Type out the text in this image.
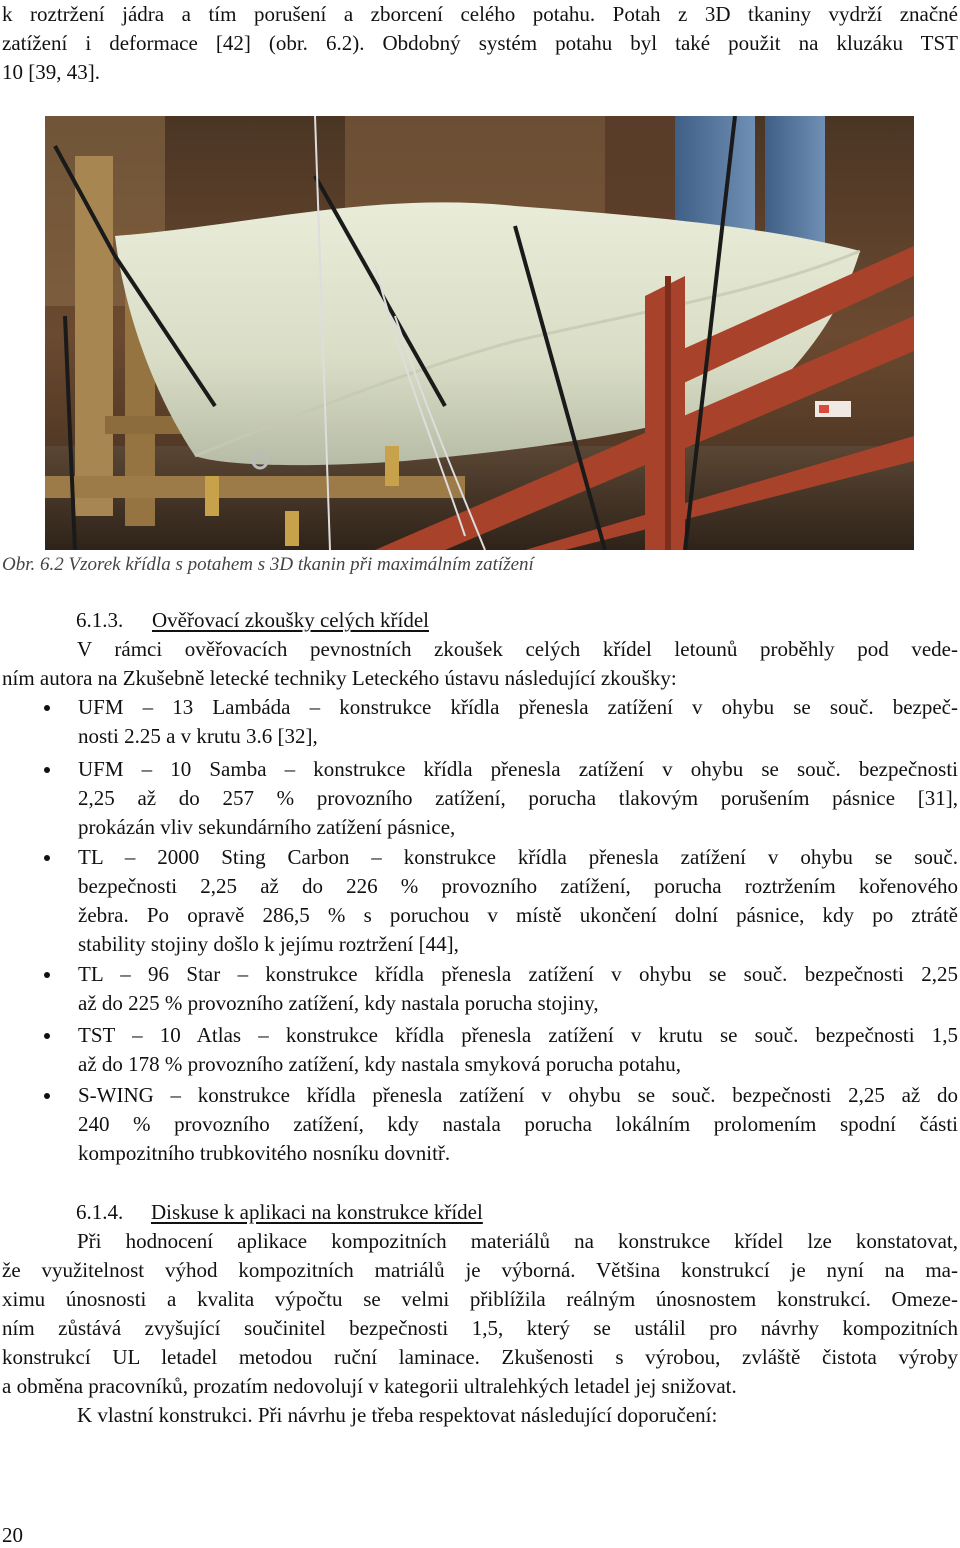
k roztržení jádra a tím porušení a zborcení celého potahu. Potah z 3D tkaniny vydrží značné
zatížení i deformace [42] (obr. 6.2). Obdobný systém potahu byl také použit na kluzáku TST
10 [39, 43].
Obr. 6.2 Vzorek křídla s potahem s 3D tkanin při maximálním zatížení
6.1.3. Ověřovací zkoušky celých křídel
V rámci ověřovacích pevnostních zkoušek celých křídel letounů proběhly pod vede-
ním autora na Zkušebně letecké techniky Leteckého ústavu následující zkoušky:
UFM – 13 Lambáda – konstrukce křídla přenesla zatížení v ohybu se souč. bezpeč-
nosti 2.25 a v krutu 3.6 [32],
UFM – 10 Samba – konstrukce křídla přenesla zatížení v ohybu se souč. bezpečnosti
2,25 až do 257 % provozního zatížení, porucha tlakovým porušením pásnice [31],
prokázán vliv sekundárního zatížení pásnice,
TL – 2000 Sting Carbon – konstrukce křídla přenesla zatížení v ohybu se souč.
bezpečnosti 2,25 až do 226 % provozního zatížení, porucha roztržením kořenového
žebra. Po opravě 286,5 % s poruchou v místě ukončení dolní pásnice, kdy po ztrátě
stability stojiny došlo k jejímu roztržení [44],
TL – 96 Star – konstrukce křídla přenesla zatížení v ohybu se souč. bezpečnosti 2,25
až do 225 % provozního zatížení, kdy nastala porucha stojiny,
TST – 10 Atlas – konstrukce křídla přenesla zatížení v krutu se souč. bezpečnosti 1,5
až do 178 % provozního zatížení, kdy nastala smyková porucha potahu,
S-WING – konstrukce křídla přenesla zatížení v ohybu se souč. bezpečnosti 2,25 až do
240 % provozního zatížení, kdy nastala porucha lokálním prolomením spodní části
kompozitního trubkovitého nosníku dovnitř.
6.1.4. Diskuse k aplikaci na konstrukce křídel
Při hodnocení aplikace kompozitních materiálů na konstrukce křídel lze konstatovat,
že využitelnost výhod kompozitních matriálů je výborná. Většina konstrukcí je nyní na ma-
ximu únosnosti a kvalita výpočtu se velmi přiblížila reálným únosnostem konstrukcí. Omeze-
ním zůstává zvyšující součinitel bezpečnosti 1,5, který se ustálil pro návrhy kompozitních
konstrukcí UL letadel metodou ruční laminace. Zkušenosti s výrobou, zvláště čistota výroby
a obměna pracovníků, prozatím nedovolují v kategorii ultralehkých letadel jej snižovat.
K vlastní konstrukci. Při návrhu je třeba respektovat následující doporučení:
20
